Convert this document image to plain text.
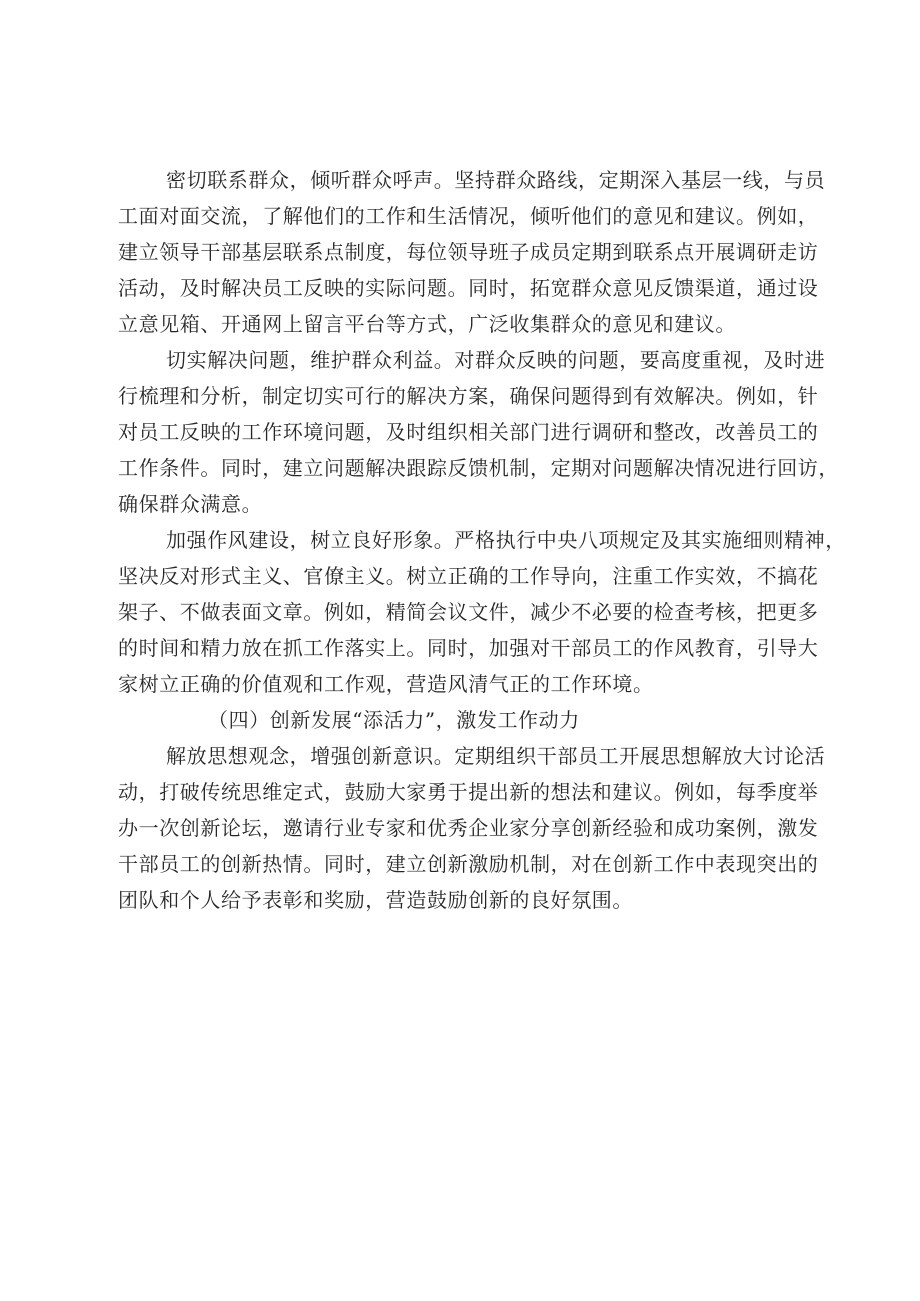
密切联系群众，倾听群众呼声。坚持群众路线，定期深入基层一线，与员
工面对面交流，了解他们的工作和生活情况，倾听他们的意见和建议。例如，
建立领导干部基层联系点制度，每位领导班子成员定期到联系点开展调研走访
活动，及时解决员工反映的实际问题。同时，拓宽群众意见反馈渠道，通过设
立意见箱、开通网上留言平台等方式，广泛收集群众的意见和建议。
切实解决问题，维护群众利益。对群众反映的问题，要高度重视，及时进
行梳理和分析，制定切实可行的解决方案，确保问题得到有效解决。例如，针
对员工反映的工作环境问题，及时组织相关部门进行调研和整改，改善员工的
工作条件。同时，建立问题解决跟踪反馈机制，定期对问题解决情况进行回访，
确保群众满意。
加强作风建设，树立良好形象。严格执行中央八项规定及其实施细则精神，
坚决反对形式主义、官僚主义。树立正确的工作导向，注重工作实效，不搞花
架子、不做表面文章。例如，精简会议文件，减少不必要的检查考核，把更多
的时间和精力放在抓工作落实上。同时，加强对干部员工的作风教育，引导大
家树立正确的价值观和工作观，营造风清气正的工作环境。
（四）创新发展“添活力”，激发工作动力
解放思想观念，增强创新意识。定期组织干部员工开展思想解放大讨论活
动，打破传统思维定式，鼓励大家勇于提出新的想法和建议。例如，每季度举
办一次创新论坛，邀请行业专家和优秀企业家分享创新经验和成功案例，激发
干部员工的创新热情。同时，建立创新激励机制，对在创新工作中表现突出的
团队和个人给予表彰和奖励，营造鼓励创新的良好氛围。
